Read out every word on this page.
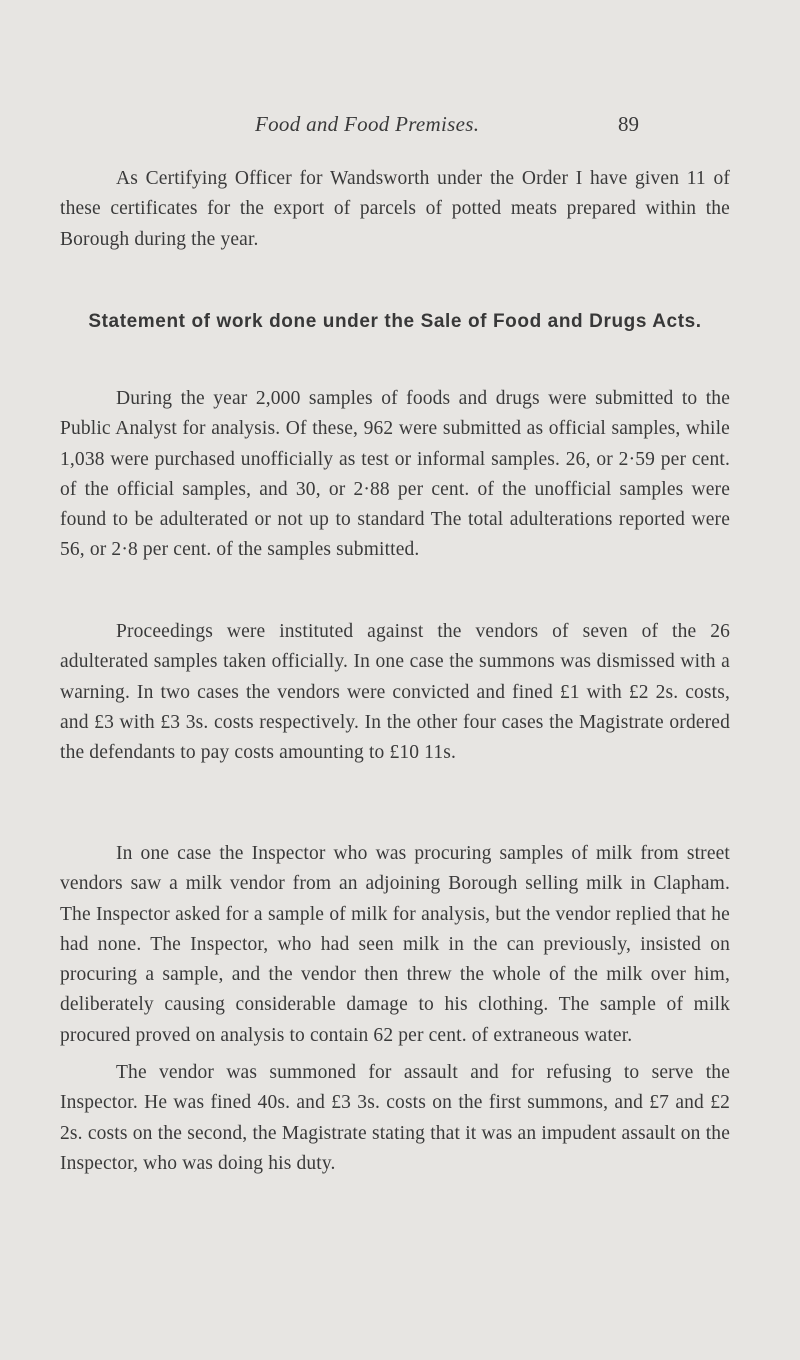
Food and Food Premises.	89

As Certifying Officer for Wandsworth under the Order I have given 11 of these certificates for the export of parcels of potted meats prepared within the Borough during the year.

Statement of work done under the Sale of Food and Drugs Acts.

During the year 2,000 samples of foods and drugs were submitted to the Public Analyst for analysis. Of these, 962 were submitted as official samples, while 1,038 were purchased unofficially as test or informal samples. 26, or 2·59 per cent. of the official samples, and 30, or 2·88 per cent. of the unofficial samples were found to be adulterated or not up to standard The total adulterations reported were 56, or 2·8 per cent. of the samples submitted.

Proceedings were instituted against the vendors of seven of the 26 adulterated samples taken officially. In one case the summons was dismissed with a warning. In two cases the vendors were convicted and fined £1 with £2 2s. costs, and £3 with £3 3s. costs respectively. In the other four cases the Magistrate ordered the defendants to pay costs amounting to £10 11s.

In one case the Inspector who was procuring samples of milk from street vendors saw a milk vendor from an adjoining Borough selling milk in Clapham. The Inspector asked for a sample of milk for analysis, but the vendor replied that he had none. The Inspector, who had seen milk in the can previously, insisted on procuring a sample, and the vendor then threw the whole of the milk over him, deliberately causing considerable damage to his clothing. The sample of milk procured proved on analysis to contain 62 per cent. of extraneous water.

The vendor was summoned for assault and for refusing to serve the Inspector. He was fined 40s. and £3 3s. costs on the first summons, and £7 and £2 2s. costs on the second, the Magistrate stating that it was an impudent assault on the Inspector, who was doing his duty.
